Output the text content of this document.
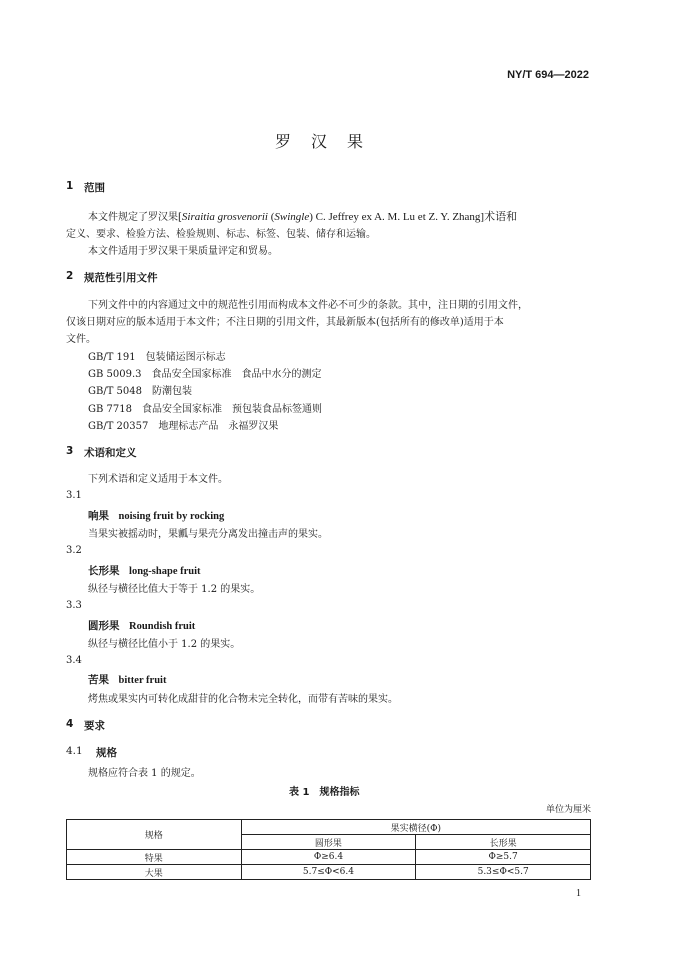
NY/T 694—2022
罗汉果
1 范围
本文件规定了罗汉果[Siraitia grosvenorii (Swingle) C. Jeffrey ex A. M. Lu et Z. Y. Zhang]术语和
定义、要求、检验方法、检验规则、标志、标签、包装、储存和运输。
本文件适用于罗汉果干果质量评定和贸易。
2 规范性引用文件
下列文件中的内容通过文中的规范性引用而构成本文件必不可少的条款。其中，注日期的引用文件，
仅该日期对应的版本适用于本文件；不注日期的引用文件，其最新版本(包括所有的修改单)适用于本
文件。
GB/T 191　包装储运图示标志
GB 5009.3　食品安全国家标准　食品中水分的测定
GB/T 5048　防潮包装
GB 7718　食品安全国家标准　预包装食品标签通则
GB/T 20357　地理标志产品　永福罗汉果
3 术语和定义
下列术语和定义适用于本文件。
3.1
响果 noising fruit by rocking
当果实被摇动时，果瓤与果壳分离发出撞击声的果实。
3.2
长形果 long-shape fruit
纵径与横径比值大于等于 1.2 的果实。
3.3
圆形果 Roundish fruit
纵径与横径比值小于 1.2 的果实。
3.4
苦果 bitter fruit
烤焦或果实内可转化成甜苷的化合物未完全转化，而带有苦味的果实。
4 要求
4.1 规格
规格应符合表 1 的规定。
表 1　规格指标
单位为厘米
规格	果实横径(Φ)	
	圆形果	长形果
特果	Φ≥6.4	Φ≥5.7
大果	5.7≤Φ<6.4	5.3≤Φ<5.7
1
